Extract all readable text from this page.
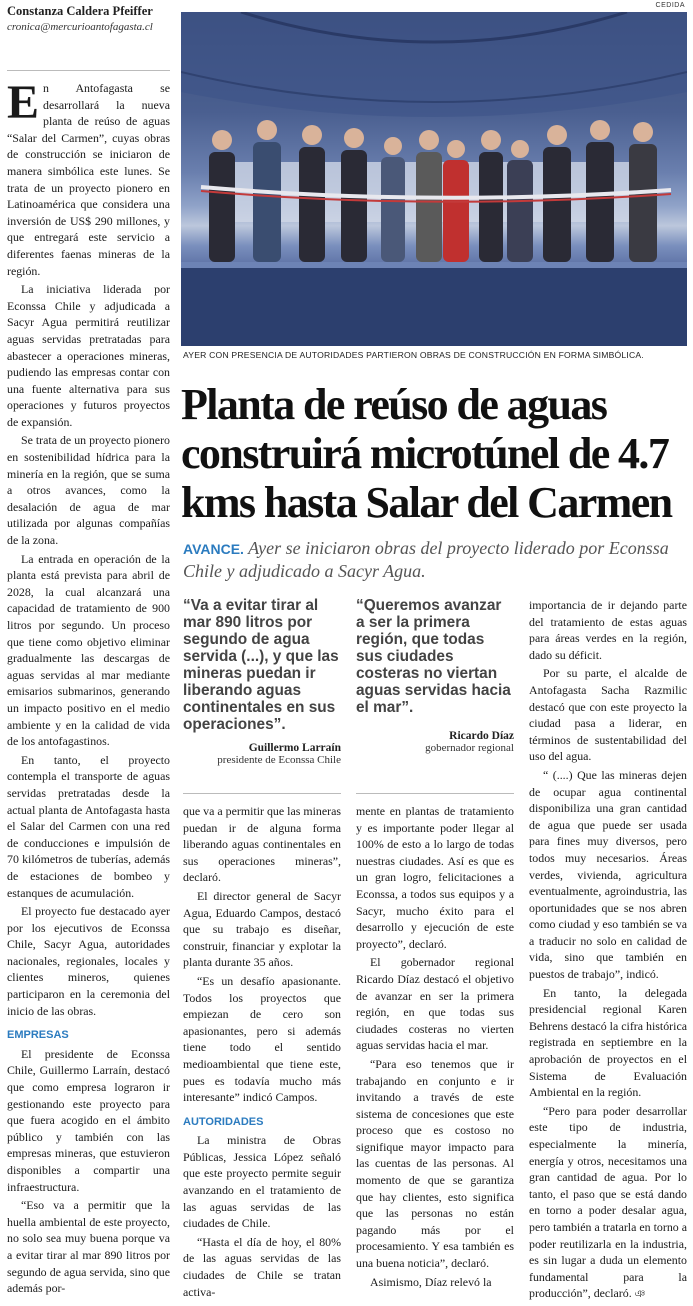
Constanza Caldera Pfeiffer
cronica@mercurioantofagasta.cl

En Antofagasta se desarrollará la nueva planta de reúso de aguas “Salar del Carmen”, cuyas obras de construcción se iniciaron de manera simbólica este lunes. Se trata de un proyecto pionero en Latinoamérica que considera una inversión de US$ 290 millones, y que entregará este servicio a diferentes faenas mineras de la región.

La iniciativa liderada por Econssa Chile y adjudicada a Sacyr Agua permitirá reutilizar aguas servidas pretratadas para abastecer a operaciones mineras, pudiendo las empresas contar con una fuente alternativa para sus operaciones y futuros proyectos de expansión.

Se trata de un proyecto pionero en sostenibilidad hídrica para la minería en la región, que se suma a otros avances, como la desalación de agua de mar utilizada por algunas compañías de la zona.

La entrada en operación de la planta está prevista para abril de 2028, la cual alcanzará una capacidad de tratamiento de 900 litros por segundo. Un proceso que tiene como objetivo eliminar gradualmente las descargas de aguas servidas al mar mediante emisarios submarinos, generando un impacto positivo en el medio ambiente y en la calidad de vida de los antofagastinos.

En tanto, el proyecto contempla el transporte de aguas servidas pretratadas desde la actual planta de Antofagasta hasta el Salar del Carmen con una red de conducciones e impulsión de 70 kilómetros de tuberías, además de estaciones de bombeo y estanques de acumulación.

El proyecto fue destacado ayer por los ejecutivos de Econssa Chile, Sacyr Agua, autoridades nacionales, regionales, locales y clientes mineros, quienes participaron en la ceremonia del inicio de las obras.

EMPRESAS

El presidente de Econssa Chile, Guillermo Larraín, destacó que como empresa lograron ir gestionando este proyecto para que fuera acogido en el ámbito público y también con las empresas mineras, que estuvieron disponibles a compartir una infraestructura.

“Eso va a permitir que la huella ambiental de este proyecto, no solo sea muy buena porque va a evitar tirar al mar 890 litros por segundo de agua servida, sino que además por-

CEDIDA
AYER CON PRESENCIA DE AUTORIDADES PARTIERON OBRAS DE CONSTRUCCIÓN EN FORMA SIMBÓLICA.
Planta de reúso de aguas
construirá microtúnel de 4.7
kms hasta Salar del Carmen
AVANCE. Ayer se iniciaron obras del proyecto liderado por Econssa Chile y adjudicado a Sacyr Agua.
“Va a evitar tirar al mar 890 litros por segundo de agua servida (...), y que las mineras puedan ir liberando aguas continentales en sus operaciones”.
Guillermo Larraín
presidente de Econssa Chile
“Queremos avanzar a ser la primera región, que todas sus ciudades costeras no viertan aguas servidas hacia el mar”.
Ricardo Díaz
gobernador regional

que va a permitir que las mineras puedan ir de alguna forma liberando aguas continentales en sus operaciones mineras”, declaró.

El director general de Sacyr Agua, Eduardo Campos, destacó que su trabajo es diseñar, construir, financiar y explotar la planta durante 35 años.

“Es un desafío apasionante. Todos los proyectos que empiezan de cero son apasionantes, pero si además tiene todo el sentido medioambiental que tiene este, pues es todavía mucho más interesante” indicó Campos.

AUTORIDADES

La ministra de Obras Públicas, Jessica López señaló que este proyecto permite seguir avanzando en el tratamiento de las aguas servidas de las ciudades de Chile.

“Hasta el día de hoy, el 80% de las aguas servidas de las ciudades de Chile se tratan activa-

mente en plantas de tratamiento y es importante poder llegar al 100% de esto a lo largo de todas nuestras ciudades. Así es que es un gran logro, felicitaciones a Econssa, a todos sus equipos y a Sacyr, mucho éxito para el desarrollo y ejecución de este proyecto”, declaró.

El gobernador regional Ricardo Díaz destacó el objetivo de avanzar en ser la primera región, en que todas sus ciudades costeras no vierten aguas servidas hacia el mar.

“Para eso tenemos que ir trabajando en conjunto e ir invitando a través de este sistema de concesiones que este proceso que es costoso no signifique mayor impacto para las cuentas de las personas. Al momento de que se garantiza que hay clientes, esto significa que las personas no están pagando más por el procesamiento. Y esa también es una buena noticia”, declaró.

Asimismo, Díaz relevó la

importancia de ir dejando parte del tratamiento de estas aguas para áreas verdes en la región, dado su déficit.

Por su parte, el alcalde de Antofagasta Sacha Razmilic destacó que con este proyecto la ciudad pasa a liderar, en términos de sustentabilidad del uso del agua.

“ (....) Que las mineras dejen de ocupar agua continental disponibiliza una gran cantidad de agua que puede ser usada para fines muy diversos, pero todos muy necesarios. Áreas verdes, vivienda, agricultura eventualmente, agroindustria, las oportunidades que se nos abren como ciudad y eso también se va a traducir no solo en calidad de vida, sino que también en puestos de trabajo”, indicó.

En tanto, la delegada presidencial regional Karen Behrens destacó la cifra histórica registrada en septiembre en la aprobación de proyectos en el Sistema de Evaluación Ambiental en la región.

“Pero para poder desarrollar este tipo de industria, especialmente la minería, energía y otros, necesitamos una gran cantidad de agua. Por lo tanto, el paso que se está dando en torno a poder desalar agua, pero también a tratarla en torno a poder reutilizarla en la industria, es sin lugar a duda un elemento fundamental para la producción”, declaró. ঞ
